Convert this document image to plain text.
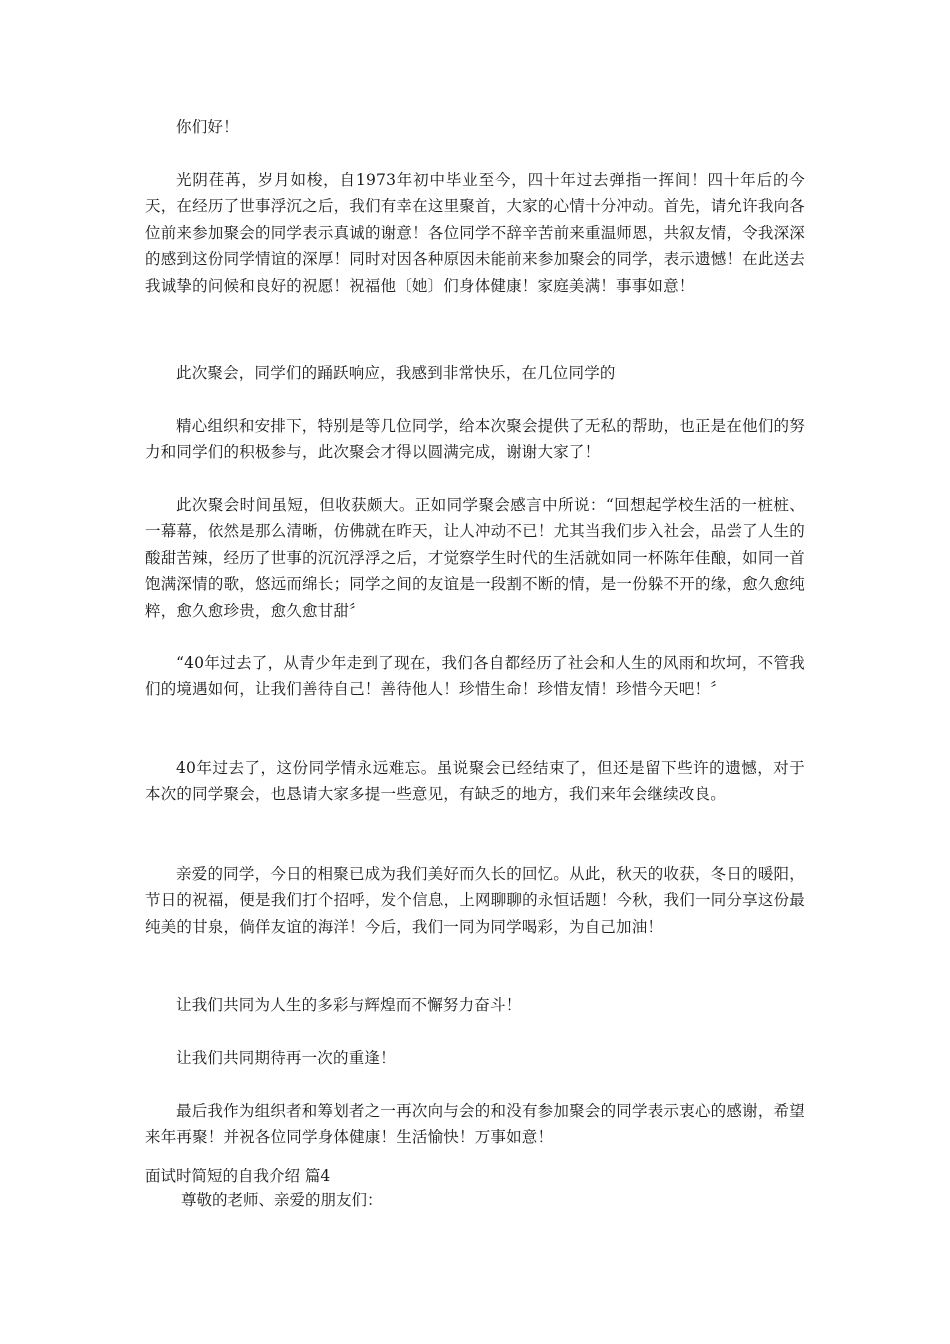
你们好！

光阴荏苒，岁月如梭，自1973年初中毕业至今，四十年过去弹指一挥间！四十年后的今天，在经历了世事浮沉之后，我们有幸在这里聚首，大家的心情十分冲动。首先，请允许我向各位前来参加聚会的同学表示真诚的谢意！各位同学不辞辛苦前来重温师恩，共叙友情，令我深深的感到这份同学情谊的深厚！同时对因各种原因未能前来参加聚会的同学，表示遗憾！在此送去我诚挚的问候和良好的祝愿！祝福他〔她〕们身体健康！家庭美满！事事如意！

此次聚会，同学们的踊跃响应，我感到非常快乐，在几位同学的

精心组织和安排下，特别是等几位同学，给本次聚会提供了无私的帮助，也正是在他们的努力和同学们的积极参与，此次聚会才得以圆满完成，谢谢大家了！

此次聚会时间虽短，但收获颇大。正如同学聚会感言中所说：“回想起学校生活的一桩桩、一幕幕，依然是那么清晰，仿佛就在昨天，让人冲动不已！尤其当我们步入社会，品尝了人生的酸甜苦辣，经历了世事的沉沉浮浮之后，才觉察学生时代的生活就如同一杯陈年佳酿，如同一首饱满深情的歌，悠远而绵长；同学之间的友谊是一段割不断的情，是一份躲不开的缘，愈久愈纯粹，愈久愈珍贵，愈久愈甘甜〞

“40年过去了，从青少年走到了现在，我们各自都经历了社会和人生的风雨和坎坷，不管我们的境遇如何，让我们善待自己！善待他人！珍惜生命！珍惜友情！珍惜今天吧！〞

40年过去了，这份同学情永远难忘。虽说聚会已经结束了，但还是留下些许的遗憾，对于本次的同学聚会，也恳请大家多提一些意见，有缺乏的地方，我们来年会继续改良。

亲爱的同学，今日的相聚已成为我们美好而久长的回忆。从此，秋天的收获，冬日的暖阳，节日的祝福，便是我们打个招呼，发个信息，上网聊聊的永恒话题！今秋，我们一同分享这份最纯美的甘泉，倘佯友谊的海洋！今后，我们一同为同学喝彩，为自己加油！

让我们共同为人生的多彩与辉煌而不懈努力奋斗！

让我们共同期待再一次的重逢！

最后我作为组织者和筹划者之一再次向与会的和没有参加聚会的同学表示衷心的感谢，希望来年再聚！并祝各位同学身体健康！生活愉快！万事如意！

面试时简短的自我介绍 篇4

尊敬的老师、亲爱的朋友们：
